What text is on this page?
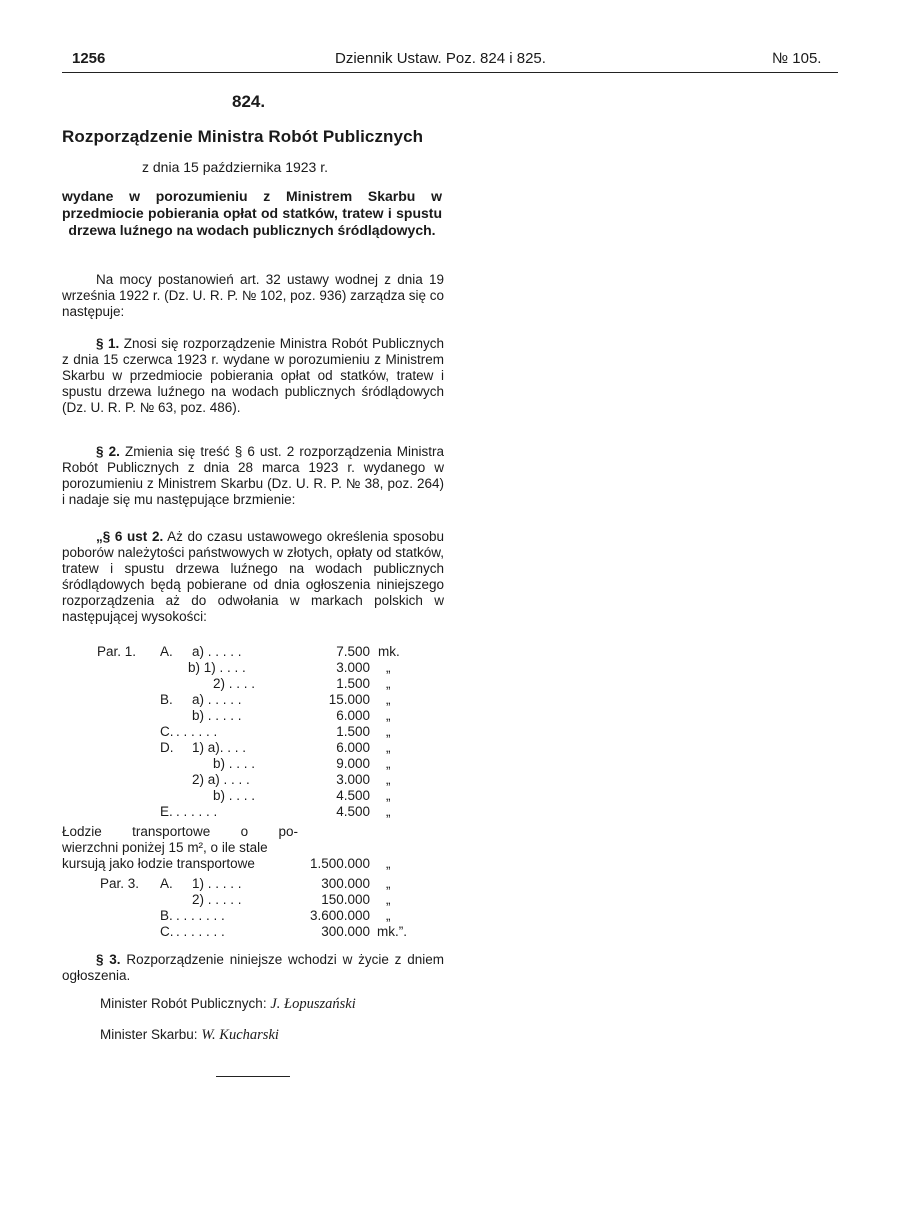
1256	Dziennik Ustaw. Poz. 824 i 825.	№ 105.
824.
Rozporządzenie Ministra Robót Publicznych
z dnia 15 października 1923 r.
wydane w porozumieniu z Ministrem Skarbu w przedmiocie pobierania opłat od statków, tratew i spustu drzewa luźnego na wodach publicznych śródlądowych.
Na mocy postanowień art. 32 ustawy wodnej z dnia 19 września 1922 r. (Dz. U. R. P. № 102, poz. 936) zarządza się co następuje:
§ 1. Znosi się rozporządzenie Ministra Robót Publicznych z dnia 15 czerwca 1923 r. wydane w porozumieniu z Ministrem Skarbu w przedmiocie pobierania opłat od statków, tratew i spustu drzewa luźnego na wodach publicznych śródlądowych (Dz. U. R. P. № 63, poz. 486).
§ 2. Zmienia się treść § 6 ust. 2 rozporządzenia Ministra Robót Publicznych z dnia 28 marca 1923 r. wydanego w porozumieniu z Ministrem Skarbu (Dz. U. R. P. № 38, poz. 264) i nadaje się mu następujące brzmienie:
„§ 6 ust 2. Aż do czasu ustawowego określenia sposobu poborów należytości państwowych w złotych, opłaty od statków, tratew i spustu drzewa luźnego na wodach publicznych śródlądowych będą pobierane od dnia ogłoszenia niniejszego rozporządzenia aż do odwołania w markach polskich w następującej wysokości:
Par. 1. A. a) . . . . .	7.500 mk.
b) 1) . . . .	3.000 „
2) . . . .	1.500 „
B. a) . . . . .	15.000 „
b) . . . . .	6.000 „
C. . . . . . .	1.500 „
D. 1) a). . . .	6.000 „
b) . . . .	9.000 „
2) a) . . . .	3.000 „
b) . . . .	4.500 „
E. . . . . . .	4.500 „
Łodzie transportowe o po-
wierzchni poniżej 15 m², o ile stale
kursują jako łodzie transportowe	1.500.000 „
Par. 3. A. 1) . . . . .	300.000 „
2) . . . . .	150.000 „
B. . . . . . . .	3.600.000 „
C. . . . . . . .	300.000 mk.”.
§ 3. Rozporządzenie niniejsze wchodzi w życie z dniem ogłoszenia.
Minister Robót Publicznych: J. Łopuszański
Minister Skarbu: W. Kucharski
